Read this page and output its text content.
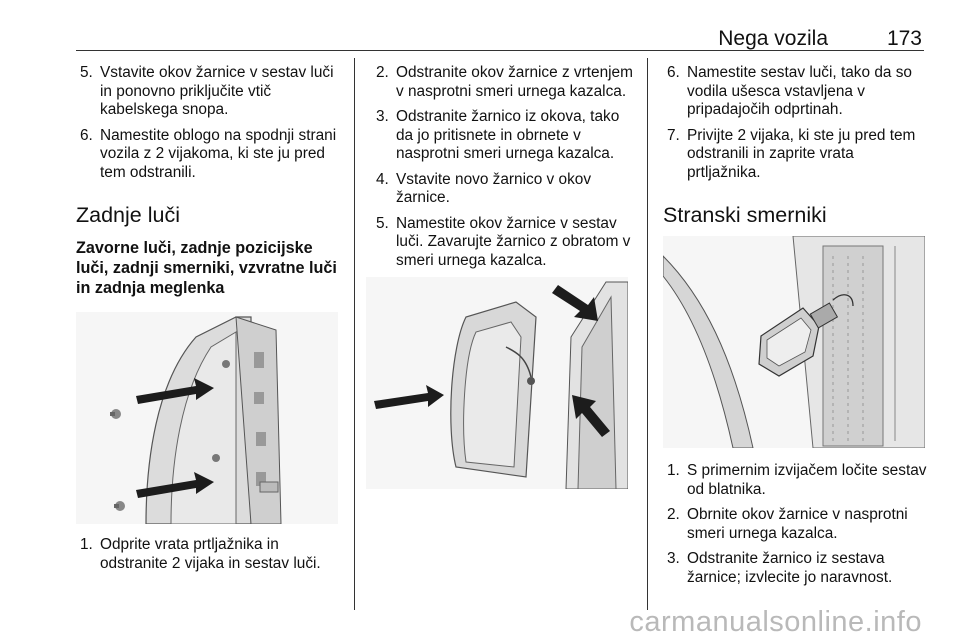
Nega vozila	173
5. Vstavite okov žarnice v sestav luči in ponovno priključite vtič kabelskega snopa.
6. Namestite oblogo na spodnji strani vozila z 2 vijakoma, ki ste ju pred tem odstranili.
Zadnje luči
Zavorne luči, zadnje pozicijske luči, zadnji smerniki, vzvratne luči in zadnja meglenka
1. Odprite vrata prtljažnika in odstranite 2 vijaka in sestav luči.
2. Odstranite okov žarnice z vrtenjem v nasprotni smeri urnega kazalca.
3. Odstranite žarnico iz okova, tako da jo pritisnete in obrnete v nasprotni smeri urnega kazalca.
4. Vstavite novo žarnico v okov žarnice.
5. Namestite okov žarnice v sestav luči. Zavarujte žarnico z obratom v smeri urnega kazalca.
6. Namestite sestav luči, tako da so vodila ušesca vstavljena v pripadajočih odprtinah.
7. Privijte 2 vijaka, ki ste ju pred tem odstranili in zaprite vrata prtljažnika.
Stranski smerniki
1. S primernim izvijačem ločite sestav od blatnika.
2. Obrnite okov žarnice v nasprotni smeri urnega kazalca.
3. Odstranite žarnico iz sestava žarnice; izvlecite jo naravnost.
carmanualsonline.info
